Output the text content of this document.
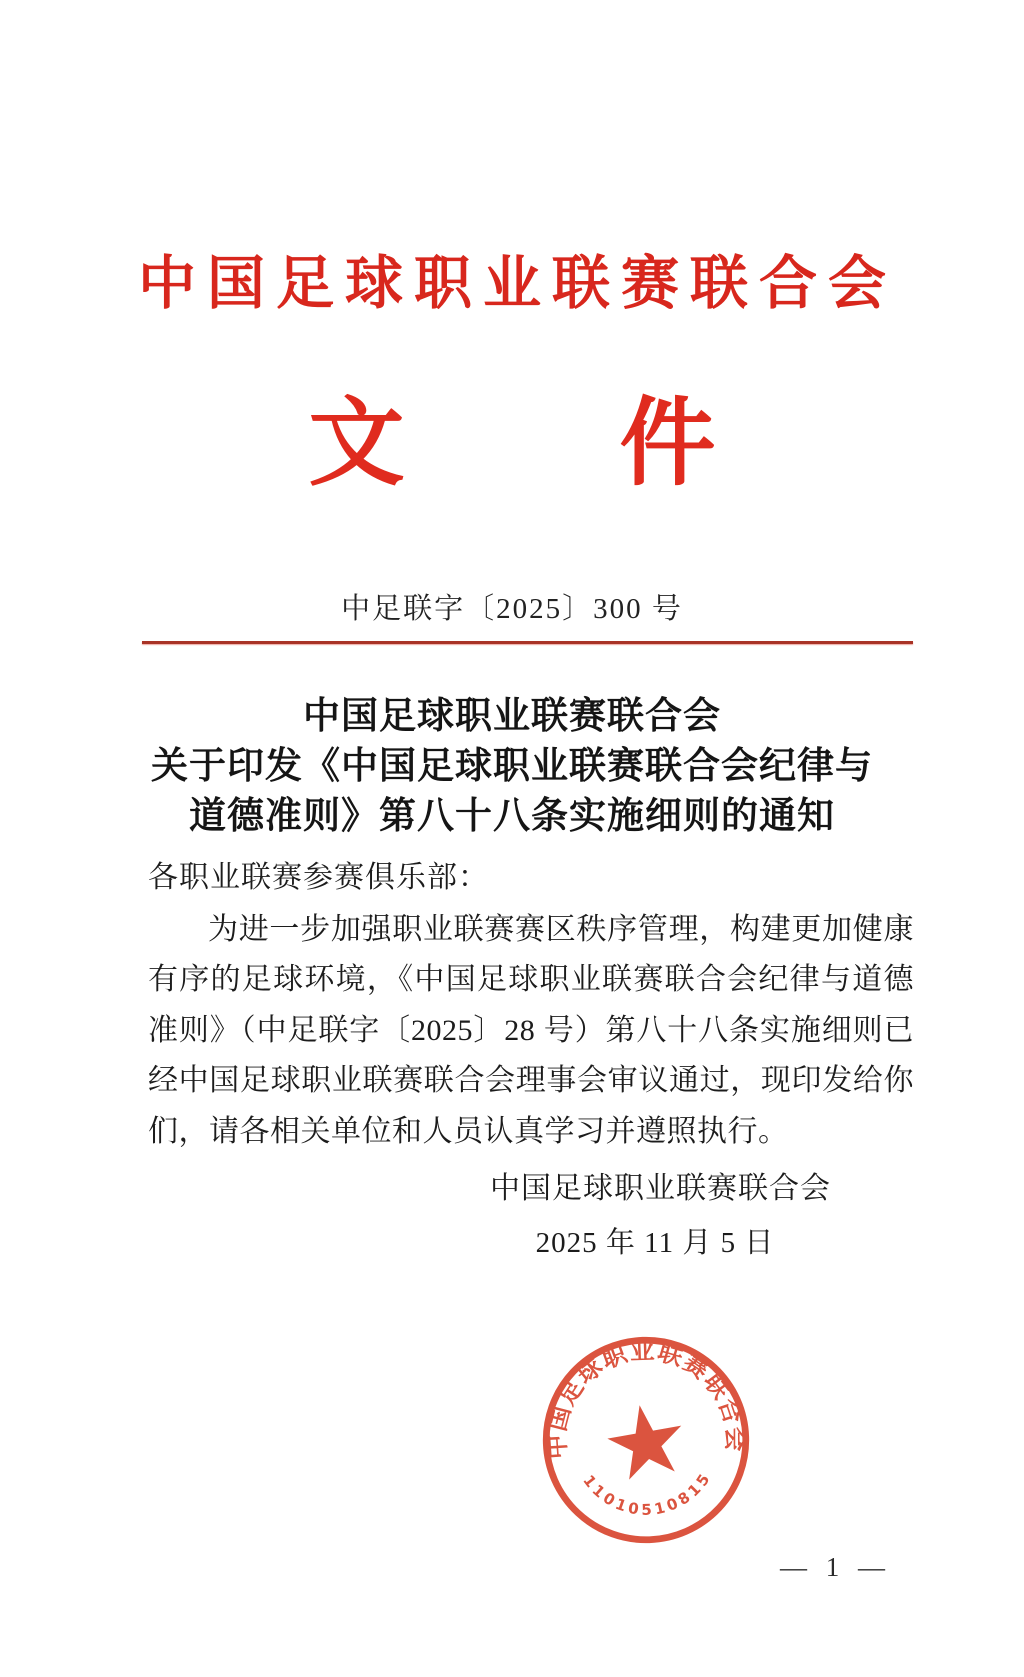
中国足球职业联赛联合会
文 件
中足联字〔2025〕300 号
中国足球职业联赛联合会
关于印发《中国足球职业联赛联合会纪律与
道德准则》第八十八条实施细则的通知
各职业联赛参赛俱乐部：
为进一步加强职业联赛赛区秩序管理，构建更加健康有序的足球环境，《中国足球职业联赛联合会纪律与道德准则》（中足联字〔2025〕28 号）第八十八条实施细则已经中国足球职业联赛联合会理事会审议通过，现印发给你们，请各相关单位和人员认真学习并遵照执行。
中国足球职业联赛联合会
2025 年 11 月 5 日
中国足球职业联赛联合会
11010510815
— 1 —
